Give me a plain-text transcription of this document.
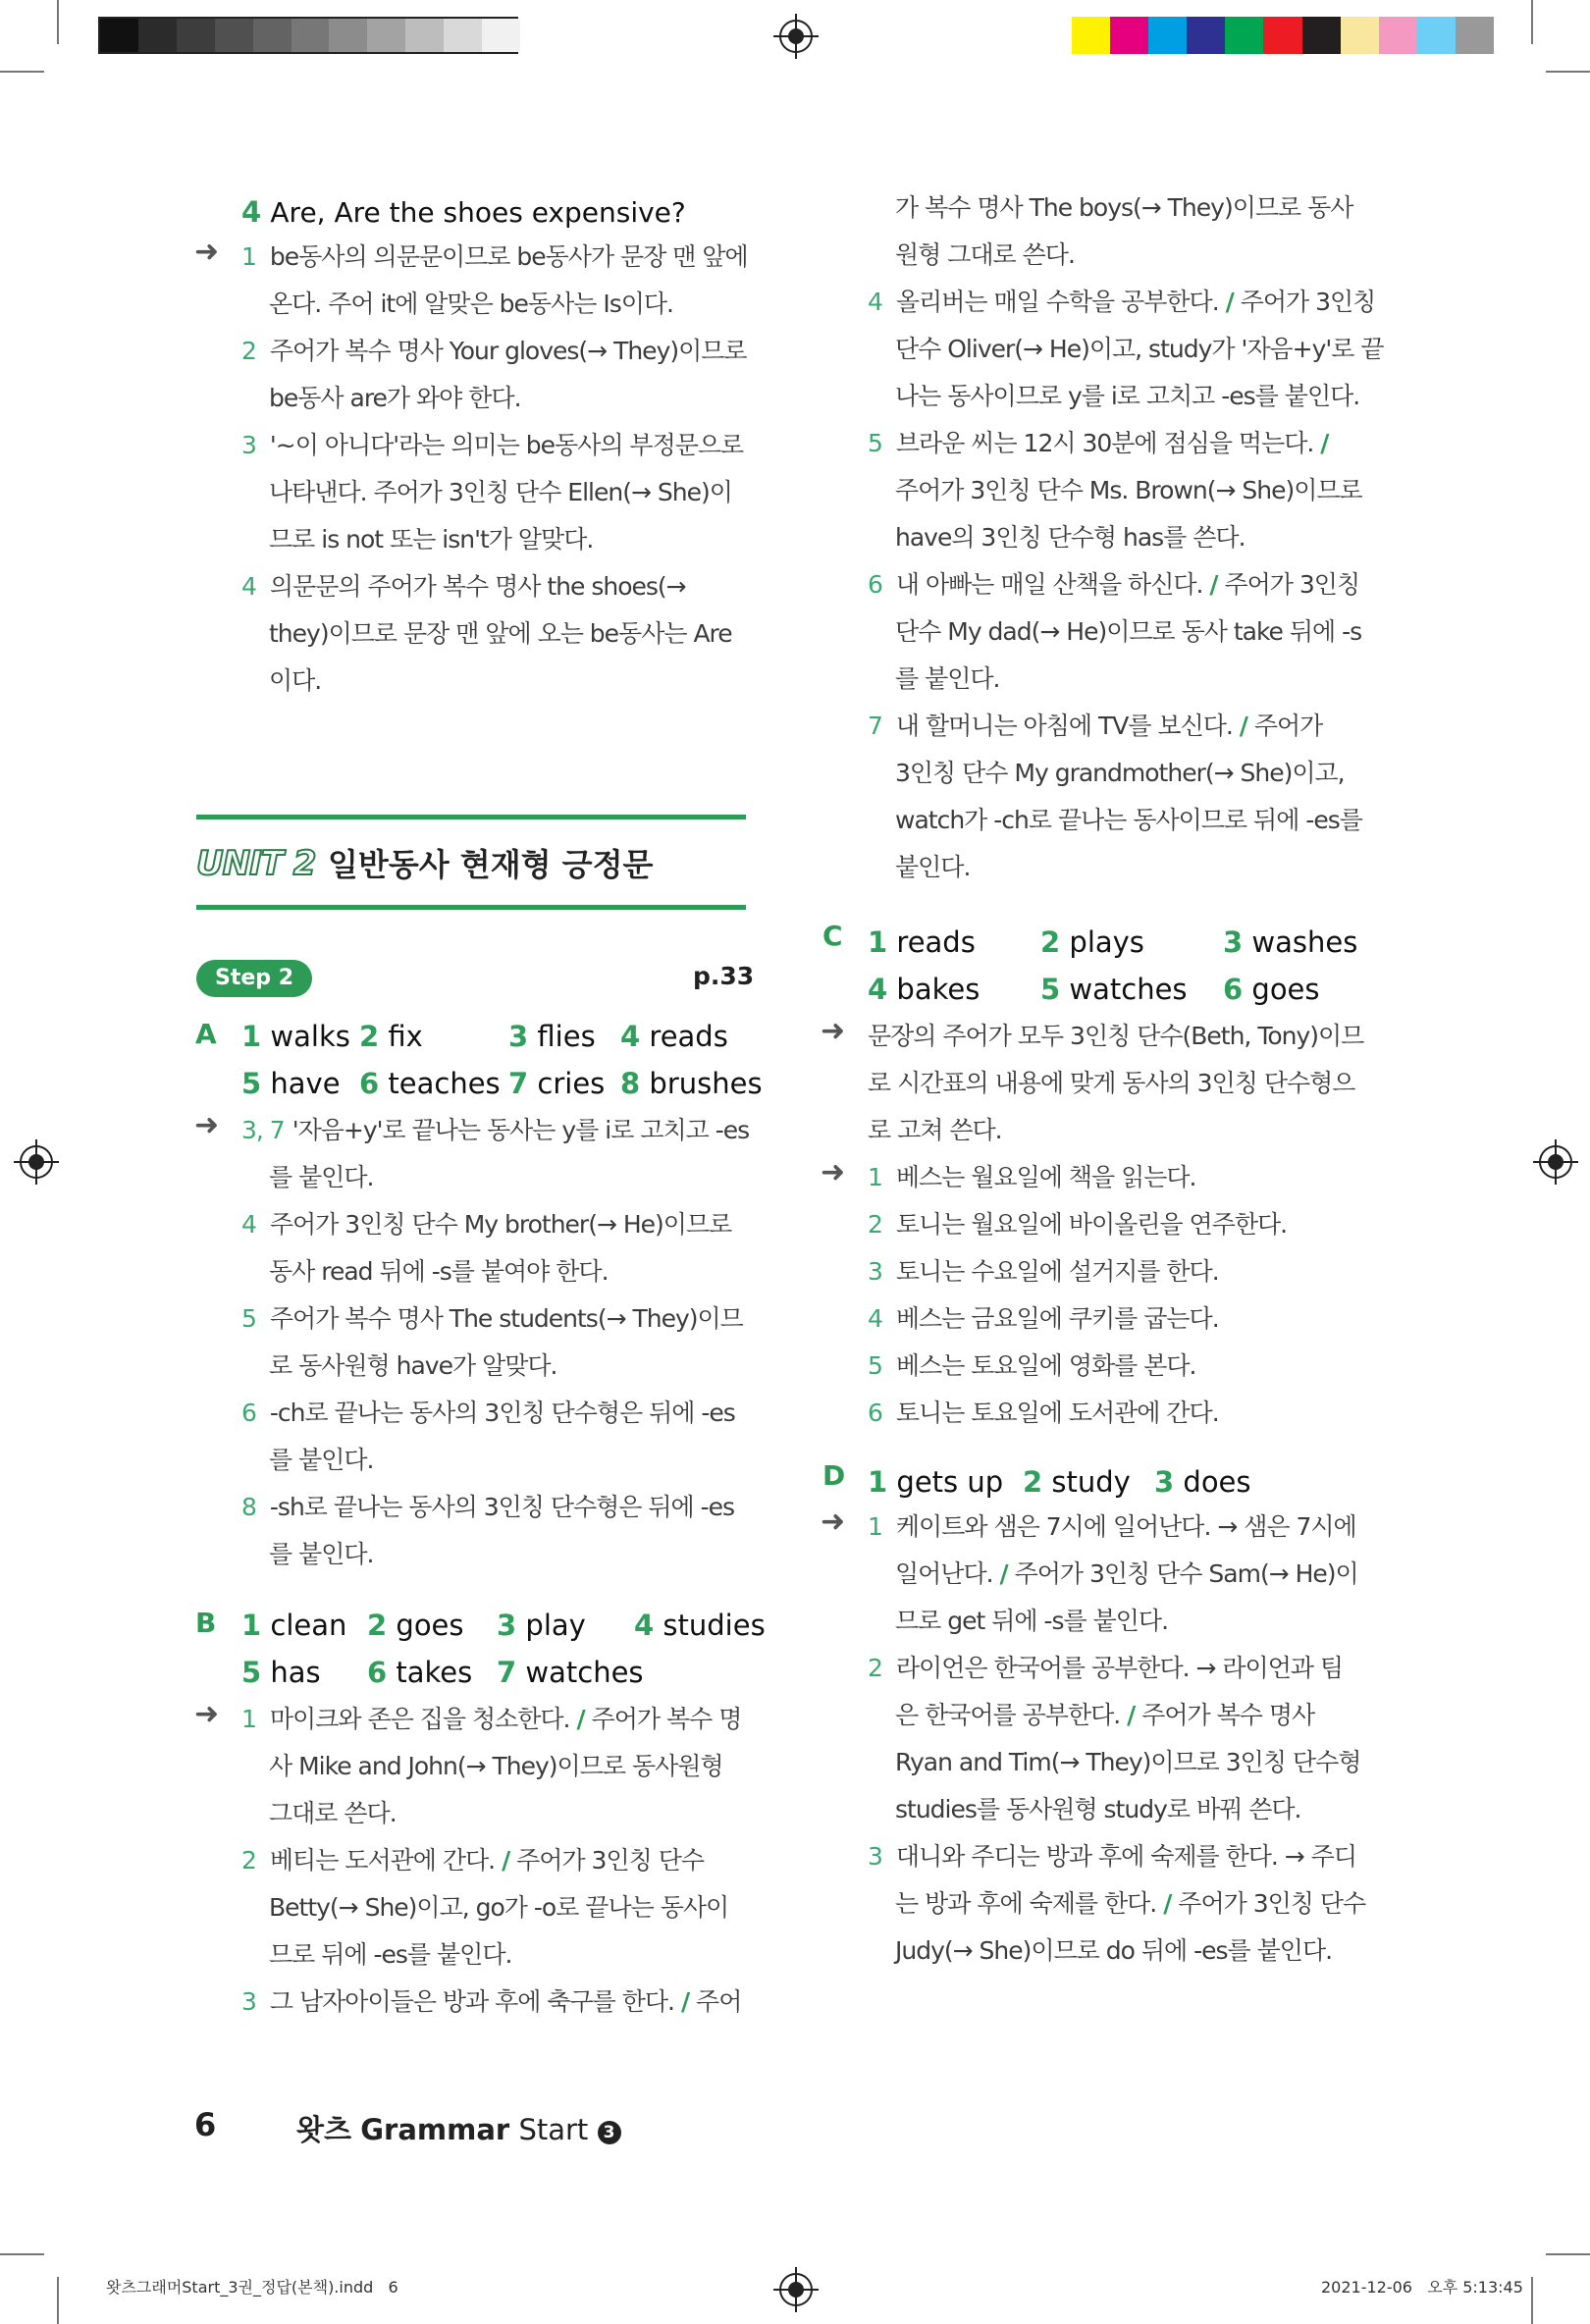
4 Are, Are the shoes expensive?
➜ 1 be동사의 의문문이므로 be동사가 문장 맨 앞에
온다. 주어 it에 알맞은 be동사는 Is이다.
2 주어가 복수 명사 Your gloves(→ They)이므로
be동사 are가 와야 한다.
3 '~이 아니다'라는 의미는 be동사의 부정문으로
나타낸다. 주어가 3인칭 단수 Ellen(→ She)이
므로 is not 또는 isn't가 알맞다.
4 의문문의 주어가 복수 명사 the shoes(→
they)이므로 문장 맨 앞에 오는 be동사는 Are
이다.
UNIT 2 일반동사 현재형 긍정문
Step 2	p.33
A 1 walks 2 fix	3 flies 4 reads
5 have 6 teaches 7 cries 8 brushes
➜ 3, 7 '자음+y'로 끝나는 동사는 y를 i로 고치고 -es
를 붙인다.
4 주어가 3인칭 단수 My brother(→ He)이므로
동사 read 뒤에 -s를 붙여야 한다.
5 주어가 복수 명사 The students(→ They)이므
로 동사원형 have가 알맞다.
6 -ch로 끝나는 동사의 3인칭 단수형은 뒤에 -es
를 붙인다.
8 -sh로 끝나는 동사의 3인칭 단수형은 뒤에 -es
를 붙인다.
B 1 clean 2 goes 3 play 4 studies
5 has 6 takes 7 watches
➜ 1 마이크와 존은 집을 청소한다. / 주어가 복수 명
사 Mike and John(→ They)이므로 동사원형
그대로 쓴다.
2 베티는 도서관에 간다. / 주어가 3인칭 단수
Betty(→ She)이고, go가 -o로 끝나는 동사이
므로 뒤에 -es를 붙인다.
3 그 남자아이들은 방과 후에 축구를 한다. / 주어
가 복수 명사 The boys(→ They)이므로 동사
원형 그대로 쓴다.
4 올리버는 매일 수학을 공부한다. / 주어가 3인칭
단수 Oliver(→ He)이고, study가 '자음+y'로 끝
나는 동사이므로 y를 i로 고치고 -es를 붙인다.
5 브라운 씨는 12시 30분에 점심을 먹는다. /
주어가 3인칭 단수 Ms. Brown(→ She)이므로
have의 3인칭 단수형 has를 쓴다.
6 내 아빠는 매일 산책을 하신다. / 주어가 3인칭
단수 My dad(→ He)이므로 동사 take 뒤에 -s
를 붙인다.
7 내 할머니는 아침에 TV를 보신다. / 주어가
3인칭 단수 My grandmother(→ She)이고,
watch가 -ch로 끝나는 동사이므로 뒤에 -es를
붙인다.
C 1 reads 2 plays	3 washes
4 bakes 5 watches 6 goes
➜ 문장의 주어가 모두 3인칭 단수(Beth, Tony)이므
로 시간표의 내용에 맞게 동사의 3인칭 단수형으
로 고쳐 쓴다.
➜ 1 베스는 월요일에 책을 읽는다.
2 토니는 월요일에 바이올린을 연주한다.
3 토니는 수요일에 설거지를 한다.
4 베스는 금요일에 쿠키를 굽는다.
5 베스는 토요일에 영화를 본다.
6 토니는 토요일에 도서관에 간다.
D 1 gets up 2 study 3 does
➜ 1 케이트와 샘은 7시에 일어난다. → 샘은 7시에
일어난다. / 주어가 3인칭 단수 Sam(→ He)이
므로 get 뒤에 -s를 붙인다.
2 라이언은 한국어를 공부한다. → 라이언과 팀
은 한국어를 공부한다. / 주어가 복수 명사
Ryan and Tim(→ They)이므로 3인칭 단수형
studies를 동사원형 study로 바꿔 쓴다.
3 대니와 주디는 방과 후에 숙제를 한다. → 주디
는 방과 후에 숙제를 한다. / 주어가 3인칭 단수
Judy(→ She)이므로 do 뒤에 -es를 붙인다.
6	왓츠 Grammar Start 3
왓츠그래머Start_3권_정답(본책).indd   6	2021-12-06   오후 5:13:45
